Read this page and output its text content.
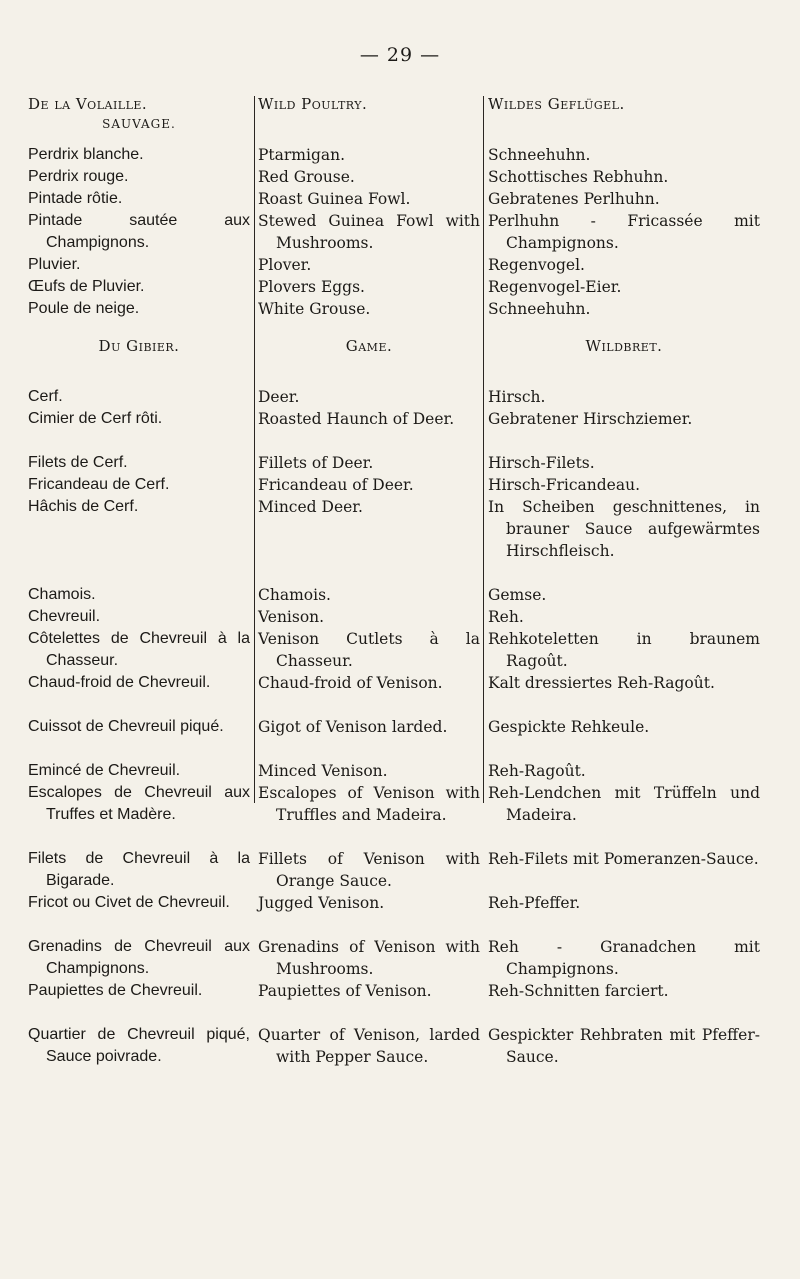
— 29 —
De la Volaille.
SAUVAGE.
Perdrix blanche.
Perdrix rouge.
Pintade rôtie.
Pintade sautée aux Champignons.
Pluvier.
Œufs de Pluvier.
Poule de neige.
Du Gibier.
Cerf.
Cimier de Cerf rôti.
Filets de Cerf.
Fricandeau de Cerf.
Hâchis de Cerf.
Chamois.
Chevreuil.
Côtelettes de Chevreuil à la Chasseur.
Chaud-froid de Chevreuil.
Cuissot de Chevreuil piqué.
Emincé de Chevreuil.
Escalopes de Chevreuil aux Truffes et Madère.
Filets de Chevreuil à la Bigarade.
Fricot ou Civet de Chevreuil.
Grenadins de Chevreuil aux Champignons.
Paupiettes de Chevreuil.
Quartier de Chevreuil piqué, Sauce poivrade.
Wild Poultry.
Ptarmigan.
Red Grouse.
Roast Guinea Fowl.
Stewed Guinea Fowl with Mushrooms.
Plover.
Plovers Eggs.
White Grouse.
Game.
Deer.
Roasted Haunch of Deer.
Fillets of Deer.
Fricandeau of Deer.
Minced Deer.
Chamois.
Venison.
Venison Cutlets à la Chasseur.
Chaud-froid of Venison.
Gigot of Venison larded.
Minced Venison.
Escalopes of Venison with Truffles and Madeira.
Fillets of Venison with Orange Sauce.
Jugged Venison.
Grenadins of Venison with Mushrooms.
Paupiettes of Venison.
Quarter of Venison, larded with Pepper Sauce.
Wildes Geflügel.
Schneehuhn.
Schottisches Rebhuhn.
Gebratenes Perlhuhn.
Perlhuhn - Fricassée mit Champignons.
Regenvogel.
Regenvogel-Eier.
Schneehuhn.
Wildbret.
Hirsch.
Gebratener Hirschziemer.
Hirsch-Filets.
Hirsch-Fricandeau.
In Scheiben geschnittenes, in brauner Sauce aufgewärmtes Hirschfleisch.
Gemse.
Reh.
Rehkoteletten in braunem Ragoût.
Kalt dressiertes Reh-Ragoût.
Gespickte Rehkeule.
Reh-Ragoût.
Reh-Lendchen mit Trüffeln und Madeira.
Reh-Filets mit Pomeranzen-Sauce.
Reh-Pfeffer.
Reh - Granadchen mit Champignons.
Reh-Schnitten farciert.
Gespickter Rehbraten mit Pfeffer-Sauce.
